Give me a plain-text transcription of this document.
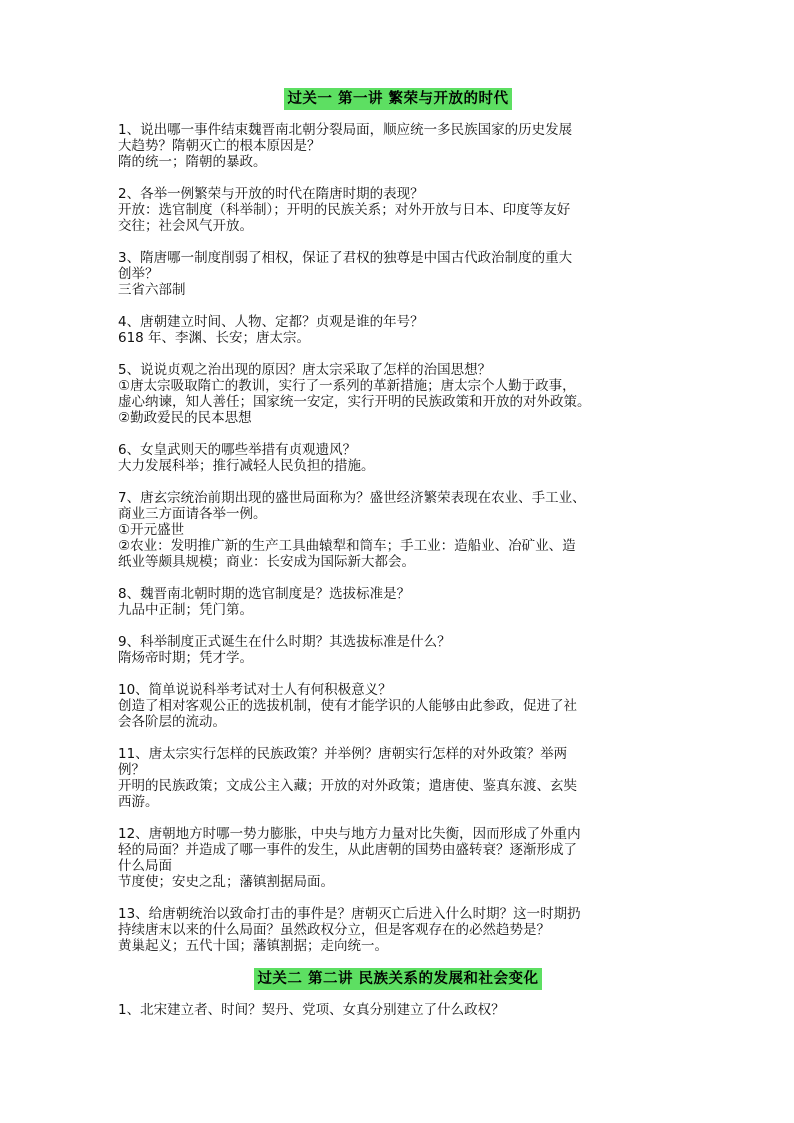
过关一 第一讲 繁荣与开放的时代

1、说出哪一事件结束魏晋南北朝分裂局面，顺应统一多民族国家的历史发展

大趋势？隋朝灭亡的根本原因是？

隋的统一；隋朝的暴政。

2、各举一例繁荣与开放的时代在隋唐时期的表现？

开放：选官制度（科举制）；开明的民族关系；对外开放与日本、印度等友好

交往；社会风气开放。

3、隋唐哪一制度削弱了相权，保证了君权的独尊是中国古代政治制度的重大

创举？

三省六部制

4、唐朝建立时间、人物、定都？贞观是谁的年号？

618 年、李渊、长安；唐太宗。

5、说说贞观之治出现的原因？唐太宗采取了怎样的治国思想？

①唐太宗吸取隋亡的教训，实行了一系列的革新措施；唐太宗个人勤于政事，

虚心纳谏，知人善任；国家统一安定，实行开明的民族政策和开放的对外政策。

②勤政爱民的民本思想

6、女皇武则天的哪些举措有贞观遗风？

大力发展科举；推行减轻人民负担的措施。

7、唐玄宗统治前期出现的盛世局面称为？盛世经济繁荣表现在农业、手工业、

商业三方面请各举一例。

①开元盛世

②农业：发明推广新的生产工具曲辕犁和筒车；手工业：造船业、冶矿业、造

纸业等颇具规模；商业：长安成为国际新大都会。

8、魏晋南北朝时期的选官制度是？选拔标准是？

九品中正制；凭门第。

9、科举制度正式诞生在什么时期？其选拔标准是什么？

隋炀帝时期；凭才学。

10、简单说说科举考试对士人有何积极意义？

创造了相对客观公正的选拔机制，使有才能学识的人能够由此参政，促进了社

会各阶层的流动。

11、唐太宗实行怎样的民族政策？并举例？唐朝实行怎样的对外政策？举两

例？

开明的民族政策；文成公主入藏；开放的对外政策；遣唐使、鉴真东渡、玄奘

西游。

12、唐朝地方时哪一势力膨胀，中央与地方力量对比失衡，因而形成了外重内

轻的局面？并造成了哪一事件的发生，从此唐朝的国势由盛转衰？逐渐形成了

什么局面

节度使；安史之乱；藩镇割据局面。

13、给唐朝统治以致命打击的事件是？唐朝灭亡后进入什么时期？这一时期扔

持续唐末以来的什么局面？虽然政权分立，但是客观存在的必然趋势是？

黄巢起义；五代十国；藩镇割据；走向统一。

过关二 第二讲 民族关系的发展和社会变化

1、北宋建立者、时间？契丹、党项、女真分别建立了什么政权？
